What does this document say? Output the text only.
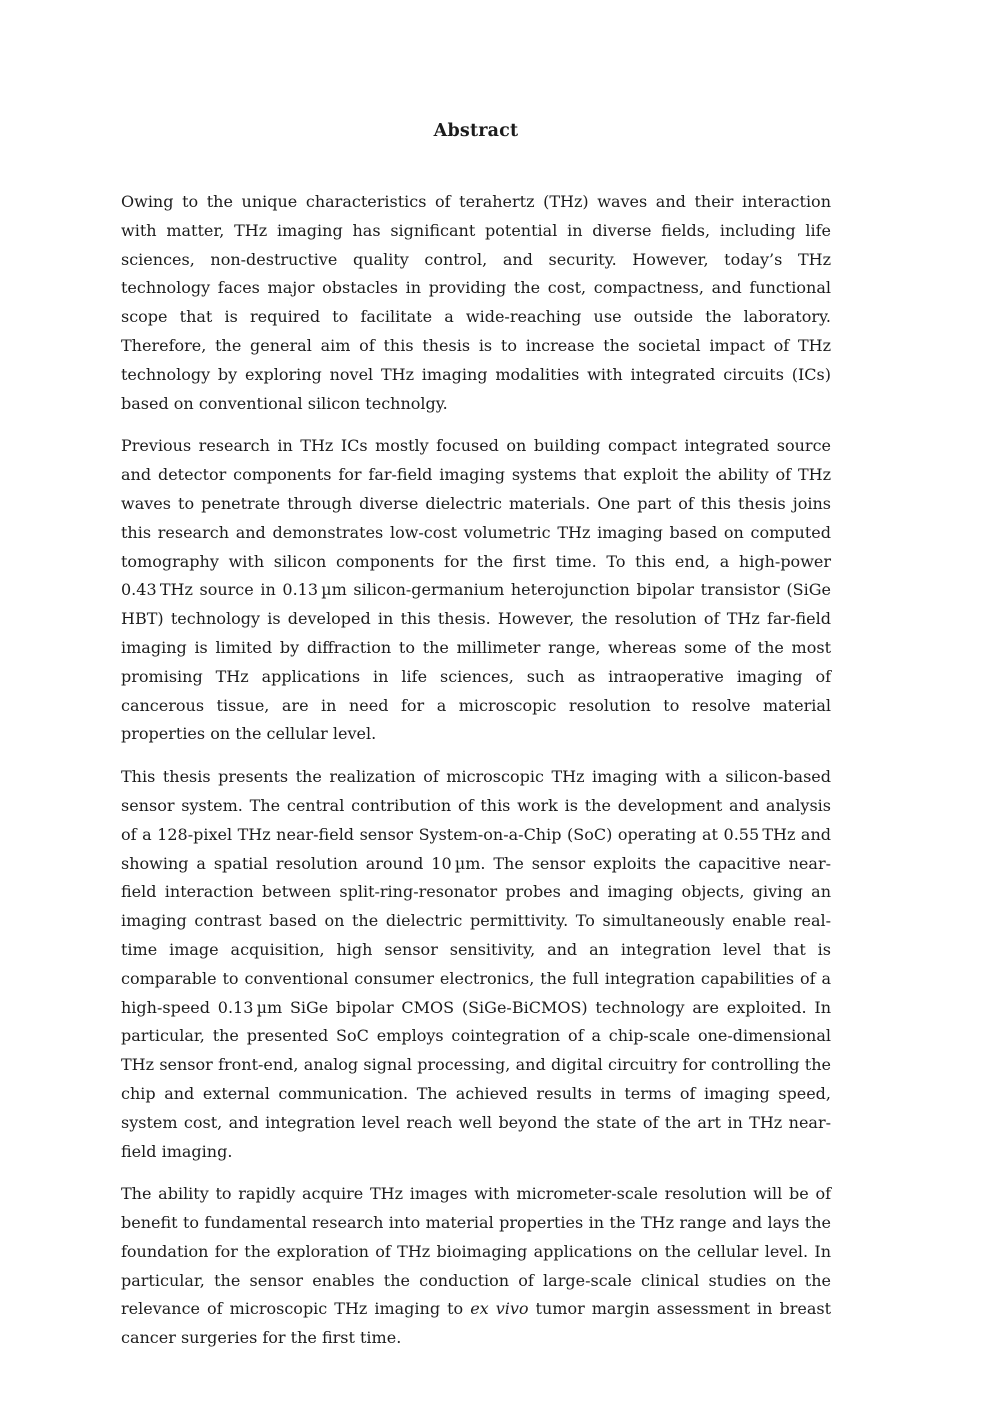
Abstract

Owing to the unique characteristics of terahertz (THz) waves and their interaction with matter, THz imaging has significant potential in diverse fields, including life sciences, non-destructive quality control, and security. However, today’s THz technology faces major obstacles in providing the cost, compactness, and functional scope that is required to facilitate a wide-reaching use outside the laboratory. Therefore, the general aim of this thesis is to increase the societal impact of THz technology by exploring novel THz imaging modalities with integrated circuits (ICs) based on conventional silicon technolgy.

Previous research in THz ICs mostly focused on building compact integrated source and detector components for far-field imaging systems that exploit the ability of THz waves to penetrate through diverse dielectric materials. One part of this thesis joins this research and demonstrates low-cost volumetric THz imaging based on computed tomography with silicon components for the first time. To this end, a high-power 0.43 THz source in 0.13 µm silicon-germanium heterojunction bipolar transistor (SiGe HBT) technology is developed in this thesis. However, the resolution of THz far-field imaging is limited by diffraction to the millimeter range, whereas some of the most promising THz applications in life sciences, such as intraoperative imaging of cancerous tissue, are in need for a microscopic resolution to resolve material properties on the cellular level.

This thesis presents the realization of microscopic THz imaging with a silicon-based sensor system. The central contribution of this work is the development and analysis of a 128-pixel THz near-field sensor System-on-a-Chip (SoC) operating at 0.55 THz and showing a spatial resolution around 10 µm. The sensor exploits the capacitive near-field interaction between split-ring-resonator probes and imaging objects, giving an imaging contrast based on the dielectric permittivity. To simultaneously enable real-time image acquisition, high sensor sensitivity, and an integration level that is comparable to conventional consumer electronics, the full integration capabilities of a high-speed 0.13 µm SiGe bipolar CMOS (SiGe-BiCMOS) technology are exploited. In particular, the presented SoC employs cointegration of a chip-scale one-dimensional THz sensor front-end, analog signal processing, and digital circuitry for controlling the chip and external communication. The achieved results in terms of imaging speed, system cost, and integration level reach well beyond the state of the art in THz near-field imaging.

The ability to rapidly acquire THz images with micrometer-scale resolution will be of benefit to fundamental research into material properties in the THz range and lays the foundation for the exploration of THz bioimaging applications on the cellular level. In particular, the sensor enables the conduction of large-scale clinical studies on the relevance of microscopic THz imaging to ex vivo tumor margin assessment in breast cancer surgeries for the first time.
